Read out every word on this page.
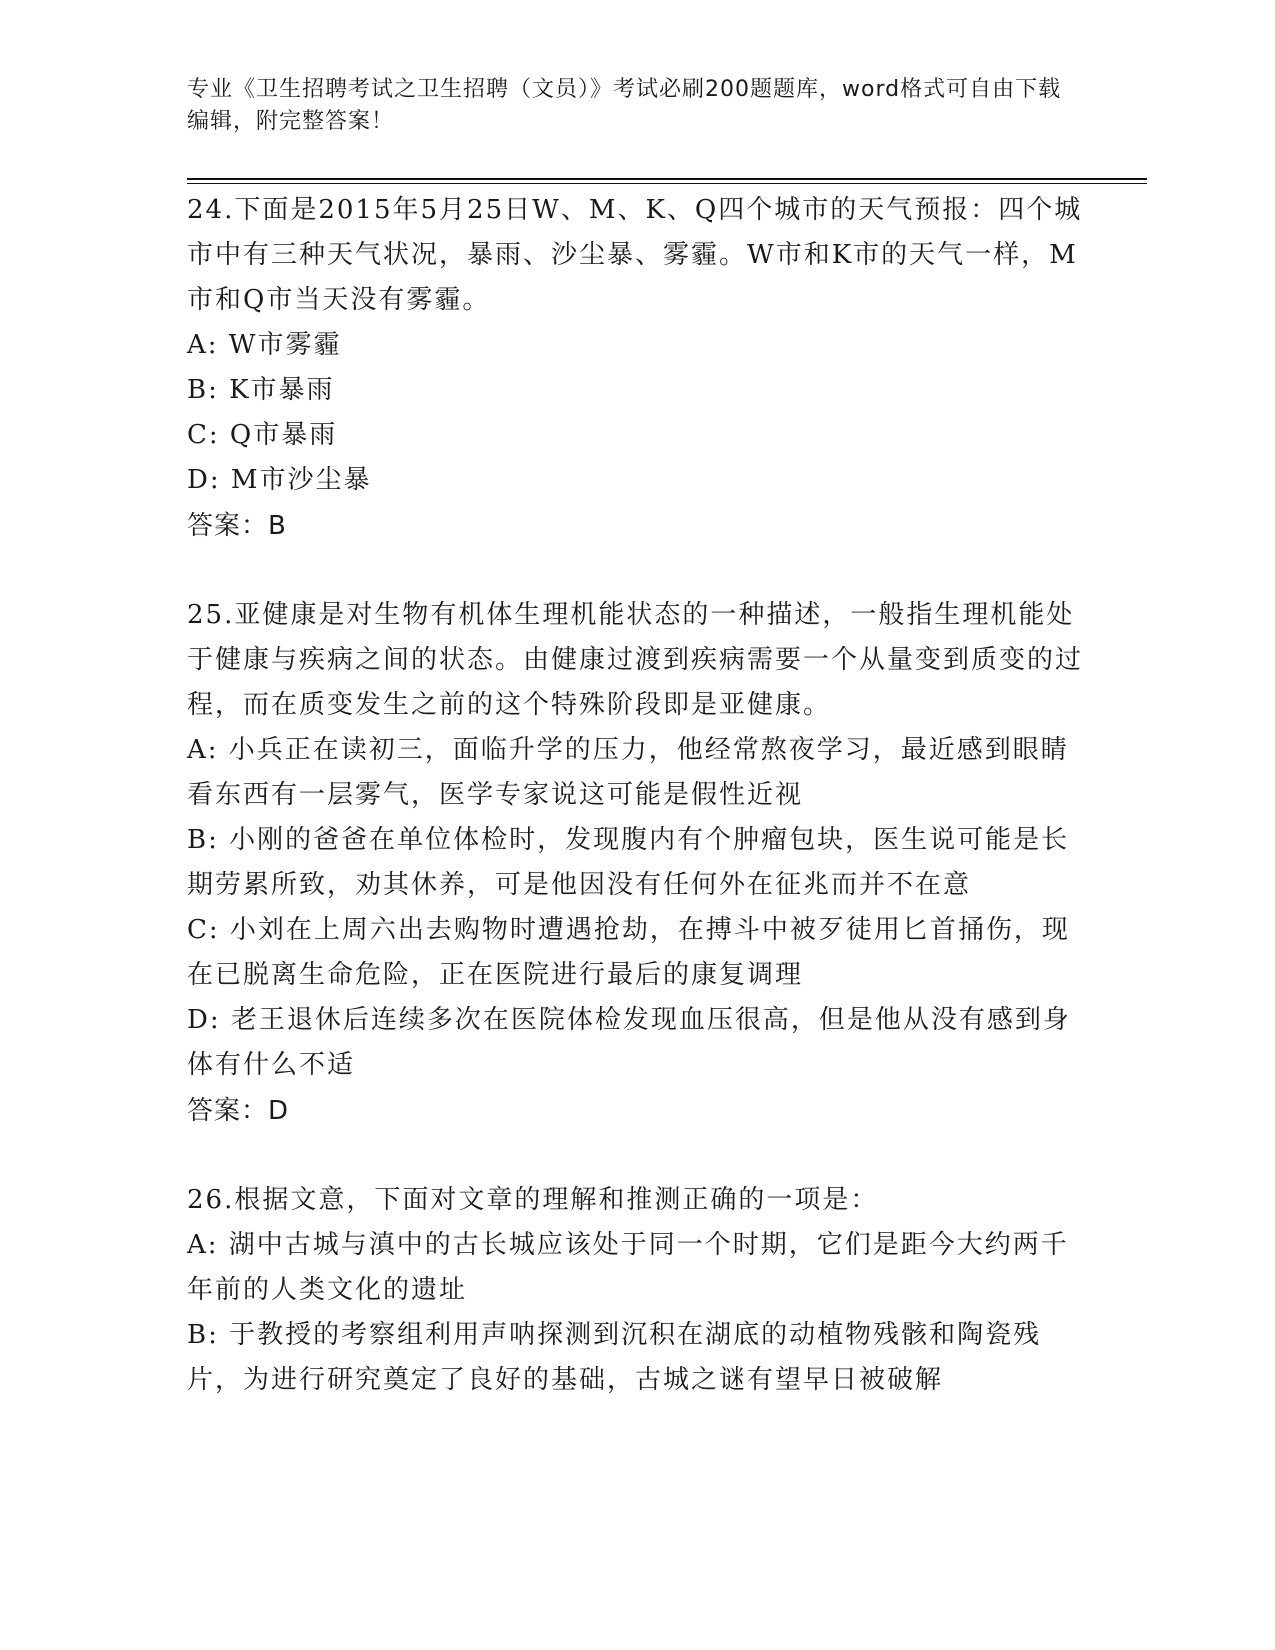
专业《卫生招聘考试之卫生招聘（文员）》考试必刷200题题库，word格式可自由下载编辑，附完整答案！

24.下面是2015年5月25日W、M、K、Q四个城市的天气预报：四个城市中有三种天气状况，暴雨、沙尘暴、雾霾。W市和K市的天气一样，M市和Q市当天没有雾霾。

A: W市雾霾

B: K市暴雨

C: Q市暴雨

D: M市沙尘暴

答案：B

25.亚健康是对生物有机体生理机能状态的一种描述，一般指生理机能处于健康与疾病之间的状态。由健康过渡到疾病需要一个从量变到质变的过程，而在质变发生之前的这个特殊阶段即是亚健康。

A: 小兵正在读初三，面临升学的压力，他经常熬夜学习，最近感到眼睛看东西有一层雾气，医学专家说这可能是假性近视

B: 小刚的爸爸在单位体检时，发现腹内有个肿瘤包块，医生说可能是长期劳累所致，劝其休养，可是他因没有任何外在征兆而并不在意

C: 小刘在上周六出去购物时遭遇抢劫，在搏斗中被歹徒用匕首捅伤，现在已脱离生命危险，正在医院进行最后的康复调理

D: 老王退休后连续多次在医院体检发现血压很高，但是他从没有感到身体有什么不适

答案：D

26.根据文意，下面对文章的理解和推测正确的一项是：

A: 湖中古城与滇中的古长城应该处于同一个时期，它们是距今大约两千年前的人类文化的遗址

B: 于教授的考察组利用声呐探测到沉积在湖底的动植物残骸和陶瓷残片，为进行研究奠定了良好的基础，古城之谜有望早日被破解
